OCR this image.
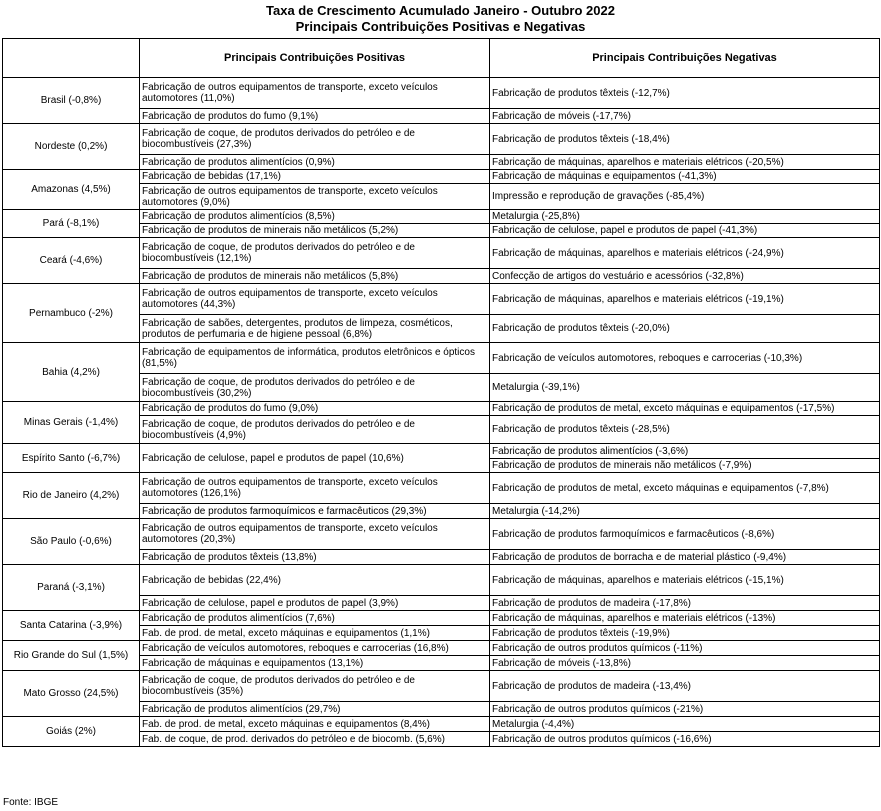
Taxa de Crescimento Acumulado Janeiro - Outubro 2022
Principais Contribuições Positivas e Negativas
	Principais Contribuições Positivas	Principais Contribuições Negativas
Brasil (-0,8%)	Fabricação de outros equipamentos de transporte, exceto veículos automotores (11,0%)	Fabricação de produtos têxteis (-12,7%)
	Fabricação de produtos do fumo (9,1%)	Fabricação de móveis (-17,7%)
Nordeste (0,2%)	Fabricação de coque, de produtos derivados do petróleo e de biocombustíveis (27,3%)	Fabricação de produtos têxteis (-18,4%)
	Fabricação de produtos alimentícios (0,9%)	Fabricação de máquinas, aparelhos e materiais elétricos (-20,5%)
Amazonas (4,5%)	Fabricação de bebidas (17,1%)	Fabricação de máquinas e equipamentos (-41,3%)
	Fabricação de outros equipamentos de transporte, exceto veículos automotores (9,0%)	Impressão e reprodução de gravações (-85,4%)
Pará (-8,1%)	Fabricação de produtos alimentícios (8,5%)	Metalurgia (-25,8%)
	Fabricação de produtos de minerais não metálicos (5,2%)	Fabricação de celulose, papel e produtos de papel (-41,3%)
Ceará (-4,6%)	Fabricação de coque, de produtos derivados do petróleo e de biocombustíveis (12,1%)	Fabricação de máquinas, aparelhos e materiais elétricos (-24,9%)
	Fabricação de produtos de minerais não metálicos (5,8%)	Confecção de artigos do vestuário e acessórios (-32,8%)
Pernambuco (-2%)	Fabricação de outros equipamentos de transporte, exceto veículos automotores (44,3%)	Fabricação de máquinas, aparelhos e materiais elétricos (-19,1%)
	Fabricação de sabões, detergentes, produtos de limpeza, cosméticos, produtos de perfumaria e de higiene pessoal (6,8%)	Fabricação de produtos têxteis (-20,0%)
Bahia (4,2%)	Fabricação de equipamentos de informática, produtos eletrônicos e ópticos (81,5%)	Fabricação de veículos automotores, reboques e carrocerias (-10,3%)
	Fabricação de coque, de produtos derivados do petróleo e de biocombustíveis (30,2%)	Metalurgia (-39,1%)
Minas Gerais (-1,4%)	Fabricação de produtos do fumo (9,0%)	Fabricação de produtos de metal, exceto máquinas e equipamentos (-17,5%)
	Fabricação de coque, de produtos derivados do petróleo e de biocombustíveis (4,9%)	Fabricação de produtos têxteis (-28,5%)
Espírito Santo (-6,7%)	Fabricação de celulose, papel e produtos de papel (10,6%)	Fabricação de produtos alimentícios (-3,6%)
		Fabricação de produtos de minerais não metálicos (-7,9%)
Rio de Janeiro (4,2%)	Fabricação de outros equipamentos de transporte, exceto veículos automotores (126,1%)	Fabricação de produtos de metal, exceto máquinas e equipamentos (-7,8%)
	Fabricação de produtos farmoquímicos e farmacêuticos (29,3%)	Metalurgia (-14,2%)
São Paulo (-0,6%)	Fabricação de outros equipamentos de transporte, exceto veículos automotores (20,3%)	Fabricação de produtos farmoquímicos e farmacêuticos (-8,6%)
	Fabricação de produtos têxteis (13,8%)	Fabricação de produtos de borracha e de material plástico (-9,4%)
Paraná (-3,1%)	Fabricação de bebidas (22,4%)	Fabricação de máquinas, aparelhos e materiais elétricos (-15,1%)
	Fabricação de celulose, papel e produtos de papel (3,9%)	Fabricação de produtos de madeira (-17,8%)
Santa Catarina (-3,9%)	Fabricação de produtos alimentícios (7,6%)	Fabricação de máquinas, aparelhos e materiais elétricos (-13%)
	Fab. de prod. de metal, exceto máquinas e equipamentos (1,1%)	Fabricação de produtos têxteis (-19,9%)
Rio Grande do Sul (1,5%)	Fabricação de veículos automotores, reboques e carrocerias (16,8%)	Fabricação de outros produtos químicos (-11%)
	Fabricação de máquinas e equipamentos (13,1%)	Fabricação de móveis (-13,8%)
Mato Grosso (24,5%)	Fabricação de coque, de produtos derivados do petróleo e de biocombustíveis (35%)	Fabricação de produtos de madeira (-13,4%)
	Fabricação de produtos alimentícios (29,7%)	Fabricação de outros produtos químicos (-21%)
Goiás (2%)	Fab. de prod. de metal, exceto máquinas e equipamentos (8,4%)	Metalurgia (-4,4%)
	Fab. de coque, de prod. derivados do petróleo e de biocomb. (5,6%)	Fabricação de outros produtos químicos (-16,6%)
Fonte: IBGE
